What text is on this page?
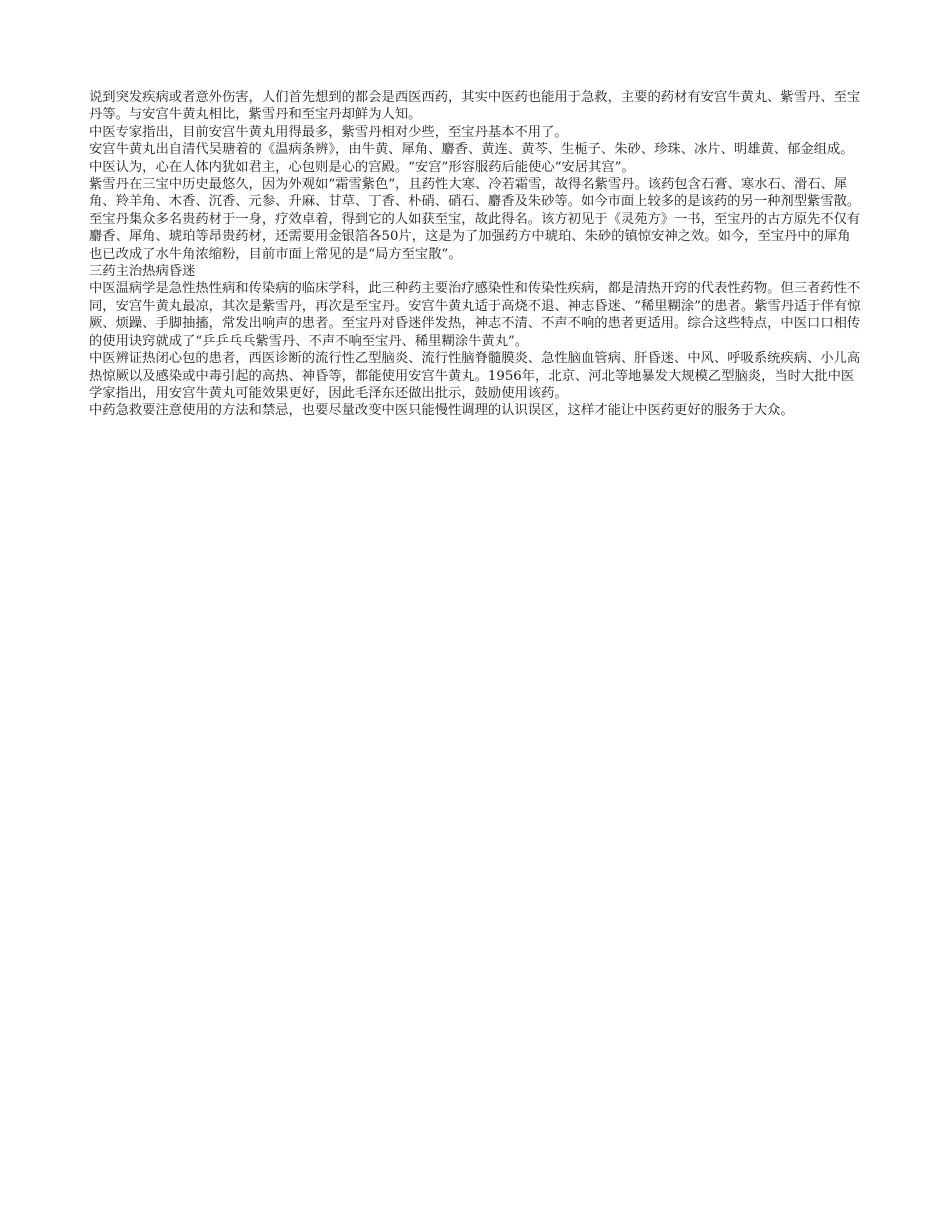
说到突发疾病或者意外伤害，人们首先想到的都会是西医西药，其实中医药也能用于急救，主要的药材有安宫牛黄丸、紫雪丹、至宝丹等。与安宫牛黄丸相比，紫雪丹和至宝丹却鲜为人知。

中医专家指出，目前安宫牛黄丸用得最多，紫雪丹相对少些，至宝丹基本不用了。

安宫牛黄丸出自清代吴瑭着的《温病条辨》，由牛黄、犀角、麝香、黄连、黄芩、生栀子、朱砂、珍珠、冰片、明雄黄、郁金组成。中医认为，心在人体内犹如君主，心包则是心的宫殿。“安宫”形容服药后能使心“安居其宫”。

紫雪丹在三宝中历史最悠久，因为外观如“霜雪紫色”，且药性大寒、冷若霜雪，故得名紫雪丹。该药包含石膏、寒水石、滑石、犀角、羚羊角、木香、沉香、元参、升麻、甘草、丁香、朴硝、硝石、麝香及朱砂等。如今市面上较多的是该药的另一种剂型紫雪散。

至宝丹集众多名贵药材于一身，疗效卓着，得到它的人如获至宝，故此得名。该方初见于《灵苑方》一书，至宝丹的古方原先不仅有麝香、犀角、琥珀等昂贵药材，还需要用金银箔各50片，这是为了加强药方中琥珀、朱砂的镇惊安神之效。如今，至宝丹中的犀角也已改成了水牛角浓缩粉，目前市面上常见的是“局方至宝散”。

三药主治热病昏迷

中医温病学是急性热性病和传染病的临床学科，此三种药主要治疗感染性和传染性疾病，都是清热开窍的代表性药物。但三者药性不同，安宫牛黄丸最凉，其次是紫雪丹，再次是至宝丹。安宫牛黄丸适于高烧不退、神志昏迷、“稀里糊涂”的患者。紫雪丹适于伴有惊厥、烦躁、手脚抽搐，常发出响声的患者。至宝丹对昏迷伴发热，神志不清、不声不响的患者更适用。综合这些特点，中医口口相传的使用诀窍就成了“乒乒乓乓紫雪丹、不声不响至宝丹、稀里糊涂牛黄丸”。

中医辨证热闭心包的患者，西医诊断的流行性乙型脑炎、流行性脑脊髓膜炎、急性脑血管病、肝昏迷、中风、呼吸系统疾病、小儿高热惊厥以及感染或中毒引起的高热、神昏等，都能使用安宫牛黄丸。1956年，北京、河北等地暴发大规模乙型脑炎，当时大批中医学家指出，用安宫牛黄丸可能效果更好，因此毛泽东还做出批示，鼓励使用该药。

中药急救要注意使用的方法和禁忌，也要尽量改变中医只能慢性调理的认识误区，这样才能让中医药更好的服务于大众。
